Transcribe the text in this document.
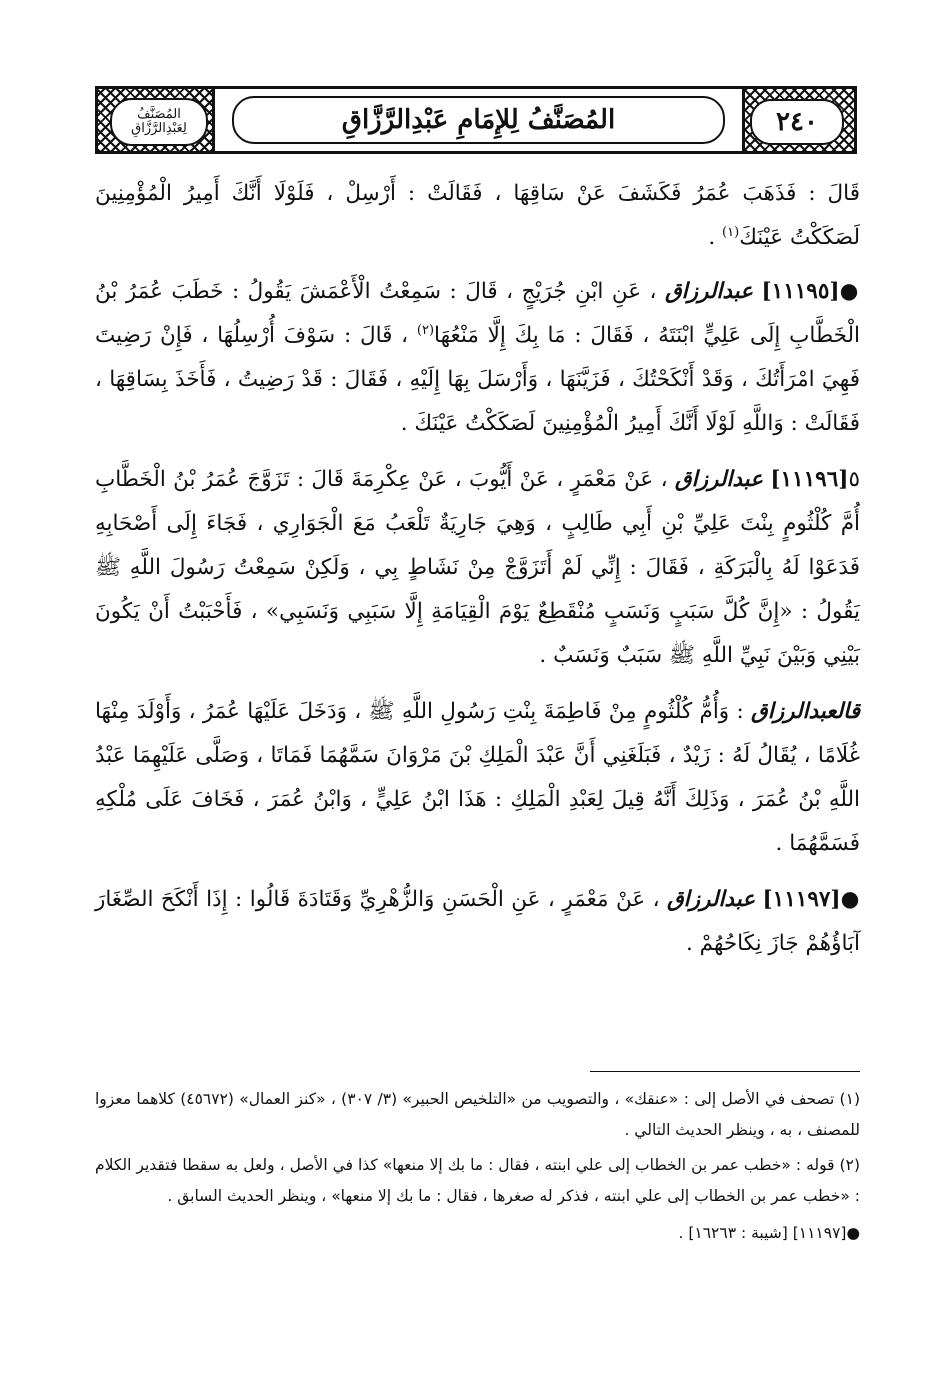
المُصَنَّفُ لِعَبْدِالرَّزَّاقِ	المُصَنَّفُ لِلإِمَامِ عَبْدِالرَّزَّاقِ	٢٤٠

قَالَ : فَذَهَبَ عُمَرُ فَكَشَفَ عَنْ سَاقِهَا ، فَقَالَتْ : أَرْسِلْ ، فَلَوْلَا أَنَّكَ أَمِيرُ الْمُؤْمِنِينَ لَصَكَكْتُ عَيْنَكَ$^{(١)}$ .

●[١١١٩٥] عبدالرزاق ، عَنِ ابْنِ جُرَيْجٍ ، قَالَ : سَمِعْتُ الْأَعْمَشَ يَقُولُ : خَطَبَ عُمَرُ بْنُ الْخَطَّابِ إِلَى عَلِيٍّ ابْنَتَهُ ، فَقَالَ : مَا بِكَ إِلَّا مَنْعُهَا$^{(٢)}$ ، قَالَ : سَوْفَ أُرْسِلُهَا ، فَإِنْ رَضِيتَ فَهِيَ امْرَأَتُكَ ، وَقَدْ أَنْكَحْتُكَ ، فَزَيَّنَهَا ، وَأَرْسَلَ بِهَا إِلَيْهِ ، فَقَالَ : قَدْ رَضِيتُ ، فَأَخَذَ بِسَاقِهَا ، فَقَالَتْ : وَاللَّهِ لَوْلَا أَنَّكَ أَمِيرُ الْمُؤْمِنِينَ لَصَكَكْتُ عَيْنَكَ .

٥[١١١٩٦] عبدالرزاق ، عَنْ مَعْمَرٍ ، عَنْ أَيُّوبَ ، عَنْ عِكْرِمَةَ قَالَ : تَزَوَّجَ عُمَرُ بْنُ الْخَطَّابِ أُمَّ كُلْثُومٍ بِنْتَ عَلِيِّ بْنِ أَبِي طَالِبٍ ، وَهِيَ جَارِيَةٌ تَلْعَبُ مَعَ الْجَوَارِي ، فَجَاءَ إِلَى أَصْحَابِهِ فَدَعَوْا لَهُ بِالْبَرَكَةِ ، فَقَالَ : إِنِّي لَمْ أَتَزَوَّجْ مِنْ نَشَاطٍ بِي ، وَلَكِنْ سَمِعْتُ رَسُولَ اللَّهِ ﷺ يَقُولُ : «إِنَّ كُلَّ سَبَبٍ وَنَسَبٍ مُنْقَطِعٌ يَوْمَ الْقِيَامَةِ إِلَّا سَبَبِي وَنَسَبِي» ، فَأَحْبَبْتُ أَنْ يَكُونَ بَيْنِي وَبَيْنَ نَبِيِّ اللَّهِ ﷺ سَبَبٌ وَنَسَبٌ .

قالعبدالرزاق : وَأُمُّ كُلْثُومٍ مِنْ فَاطِمَةَ بِنْتِ رَسُولِ اللَّهِ ﷺ ، وَدَخَلَ عَلَيْهَا عُمَرُ ، وَأَوْلَدَ مِنْهَا غُلَامًا ، يُقَالُ لَهُ : زَيْدٌ ، فَبَلَغَنِي أَنَّ عَبْدَ الْمَلِكِ بْنَ مَرْوَانَ سَمَّهُمَا فَمَاتَا ، وَصَلَّى عَلَيْهِمَا عَبْدُ اللَّهِ بْنُ عُمَرَ ، وَذَلِكَ أَنَّهُ قِيلَ لِعَبْدِ الْمَلِكِ : هَذَا ابْنُ عَلِيٍّ ، وَابْنُ عُمَرَ ، فَخَافَ عَلَى مُلْكِهِ فَسَمَّهُمَا .

●[١١١٩٧] عبدالرزاق ، عَنْ مَعْمَرٍ ، عَنِ الْحَسَنِ وَالزُّهْرِيِّ وَقَتَادَةَ قَالُوا : إِذَا أَنْكَحَ الصِّغَارَ آبَاؤُهُمْ جَازَ نِكَاحُهُمْ .

(١) تصحف في الأصل إلى : «عنقك» ، والتصويب من «التلخيص الحبير» (٣/ ٣٠٧) ، «كنز العمال» (٤٥٦٧٢) كلاهما معزوا للمصنف ، به ، وينظر الحديث التالي .

(٢) قوله : «خطب عمر بن الخطاب إلى علي ابنته ، فقال : ما بك إلا منعها» كذا في الأصل ، ولعل به سقطا فتقدير الكلام : «خطب عمر بن الخطاب إلى علي ابنته ، فذكر له صغرها ، فقال : ما بك إلا منعها» ، وينظر الحديث السابق .

●[١١١٩٧] [شيبة : ١٦٢٦٣] .
